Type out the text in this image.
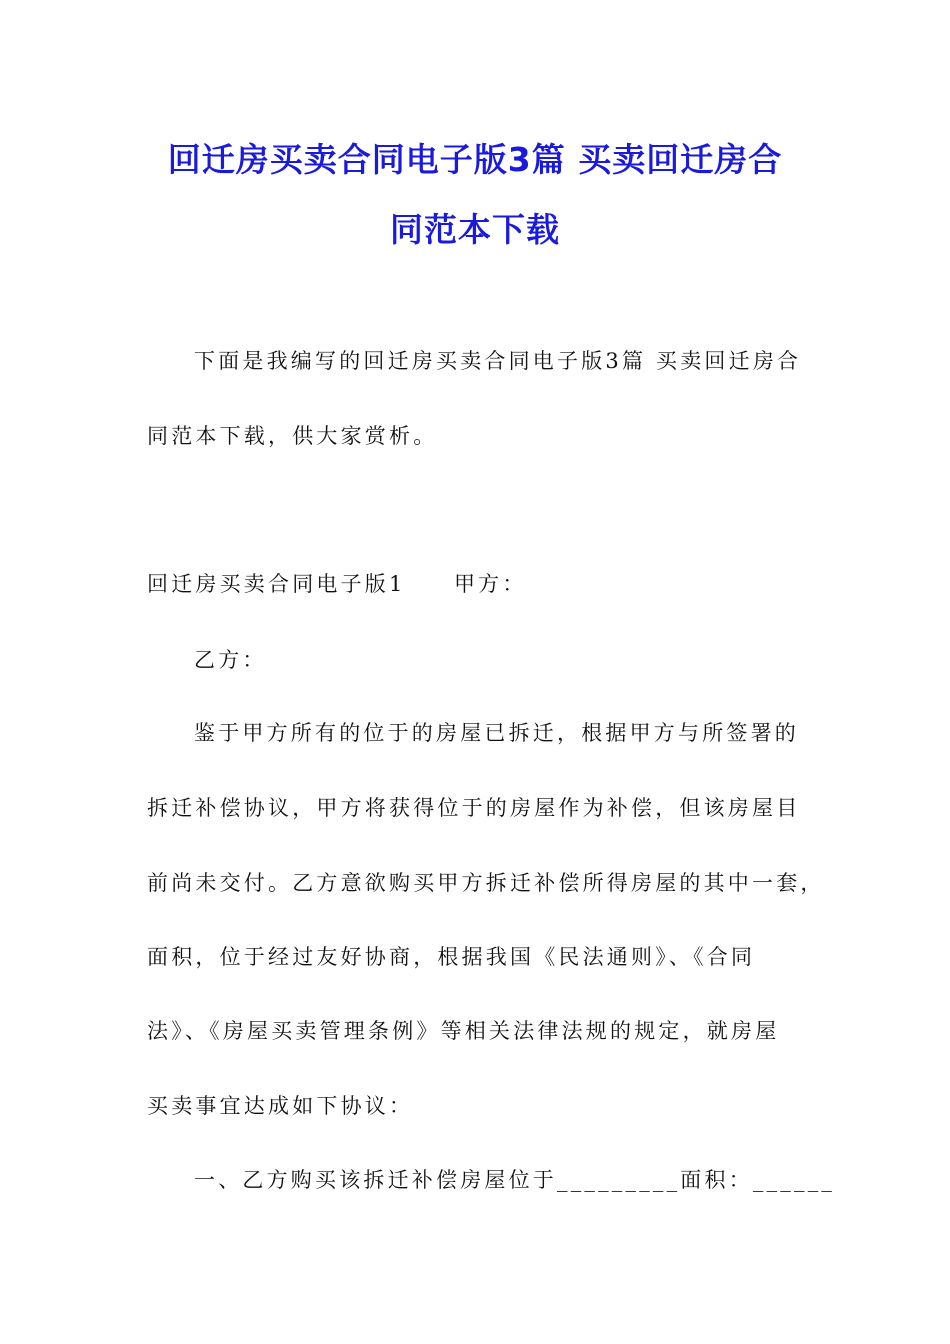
回迁房买卖合同电子版3篇 买卖回迁房合
同范本下载
下面是我编写的回迁房买卖合同电子版3篇 买卖回迁房合
同范本下载，供大家赏析。
回迁房买卖合同电子版1　　甲方：
乙方：
鉴于甲方所有的位于的房屋已拆迁，根据甲方与所签署的
拆迁补偿协议，甲方将获得位于的房屋作为补偿，但该房屋目
前尚未交付。乙方意欲购买甲方拆迁补偿所得房屋的其中一套，
面积，位于经过友好协商，根据我国《民法通则》、《合同
法》、《房屋买卖管理条例》等相关法律法规的规定，就房屋
买卖事宜达成如下协议：
一、乙方购买该拆迁补偿房屋位于_________面积：______
